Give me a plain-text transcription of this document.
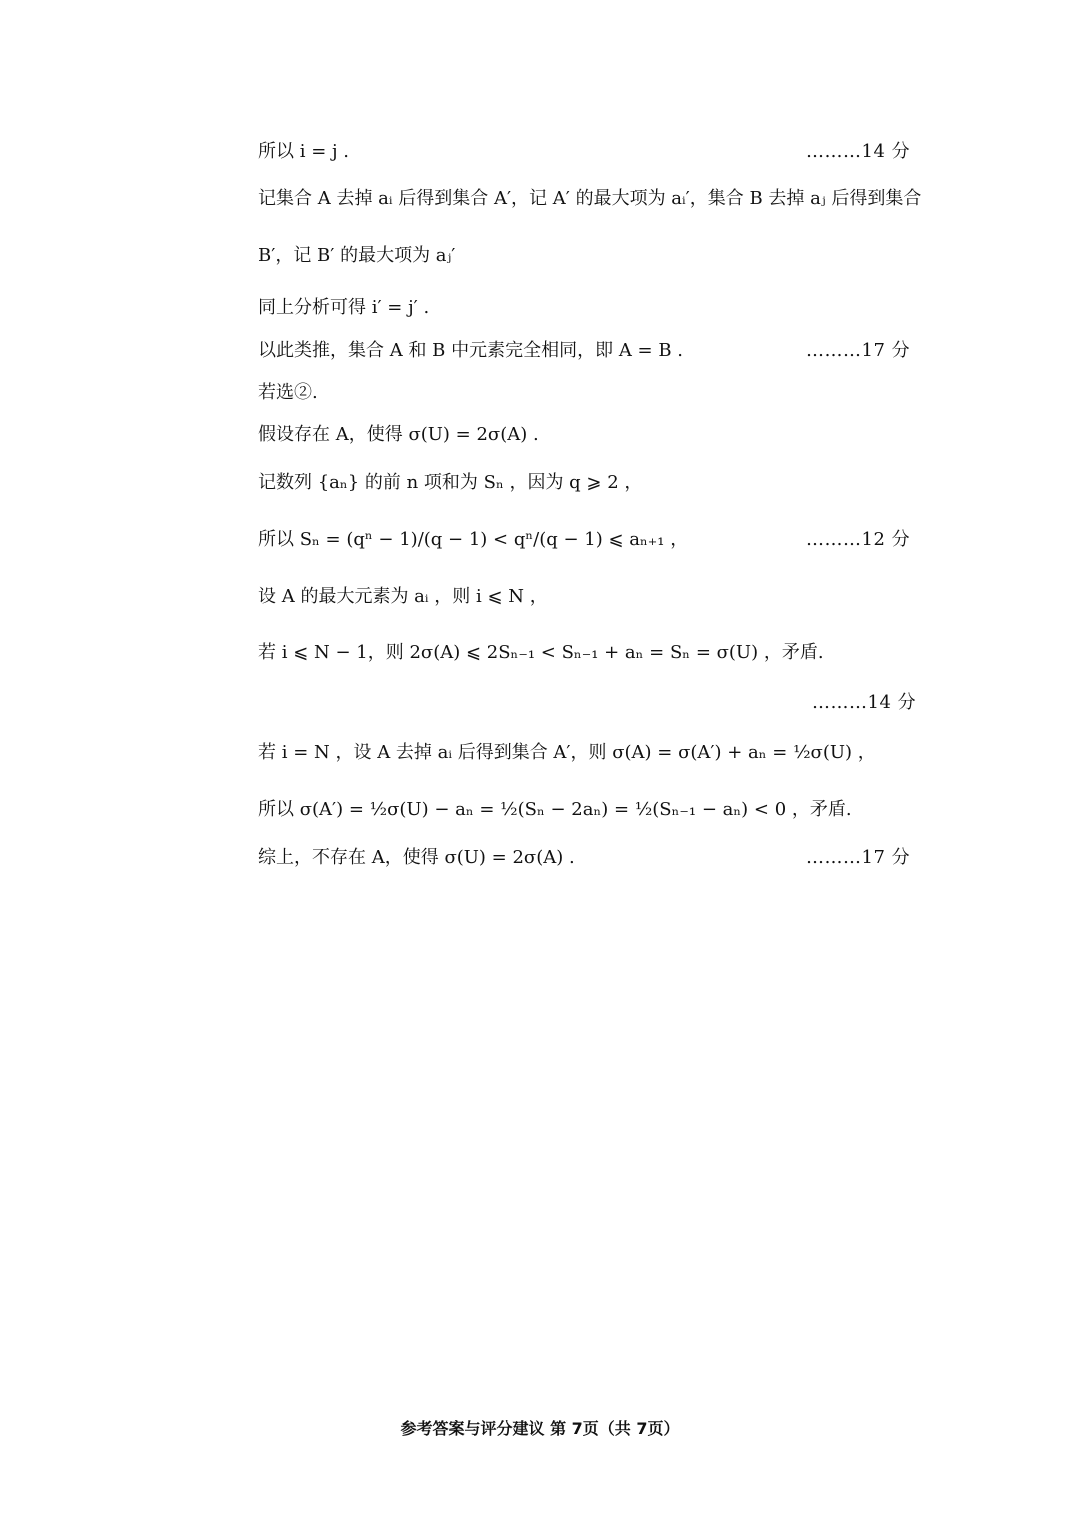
所以 i = j .	………14 分
记集合 A 去掉 aᵢ 后得到集合 A′，记 A′ 的最大项为 aᵢ′，集合 B 去掉 aⱼ 后得到集合
B′，记 B′ 的最大项为 aⱼ′
同上分析可得 i′ = j′ .
以此类推，集合 A 和 B 中元素完全相同，即 A = B .	………17 分
若选②.
假设存在 A，使得 σ(U) = 2σ(A) .
记数列 {aₙ} 的前 n 项和为 Sₙ ，因为 q ⩾ 2 ，
所以 Sₙ = (qⁿ − 1)/(q − 1) < qⁿ/(q − 1) ⩽ aₙ₊₁ ，	………12 分
设 A 的最大元素为 aᵢ ，则 i ⩽ N ，
若 i ⩽ N − 1，则 2σ(A) ⩽ 2Sₙ₋₁ < Sₙ₋₁ + aₙ = Sₙ = σ(U) ，矛盾.
………14 分
若 i = N ，设 A 去掉 aᵢ 后得到集合 A′，则 σ(A) = σ(A′) + aₙ = ½σ(U) ，
所以 σ(A′) = ½σ(U) − aₙ = ½(Sₙ − 2aₙ) = ½(Sₙ₋₁ − aₙ) < 0 ，矛盾.
综上，不存在 A，使得 σ(U) = 2σ(A) .	………17 分
参考答案与评分建议 第 7页（共 7页）
